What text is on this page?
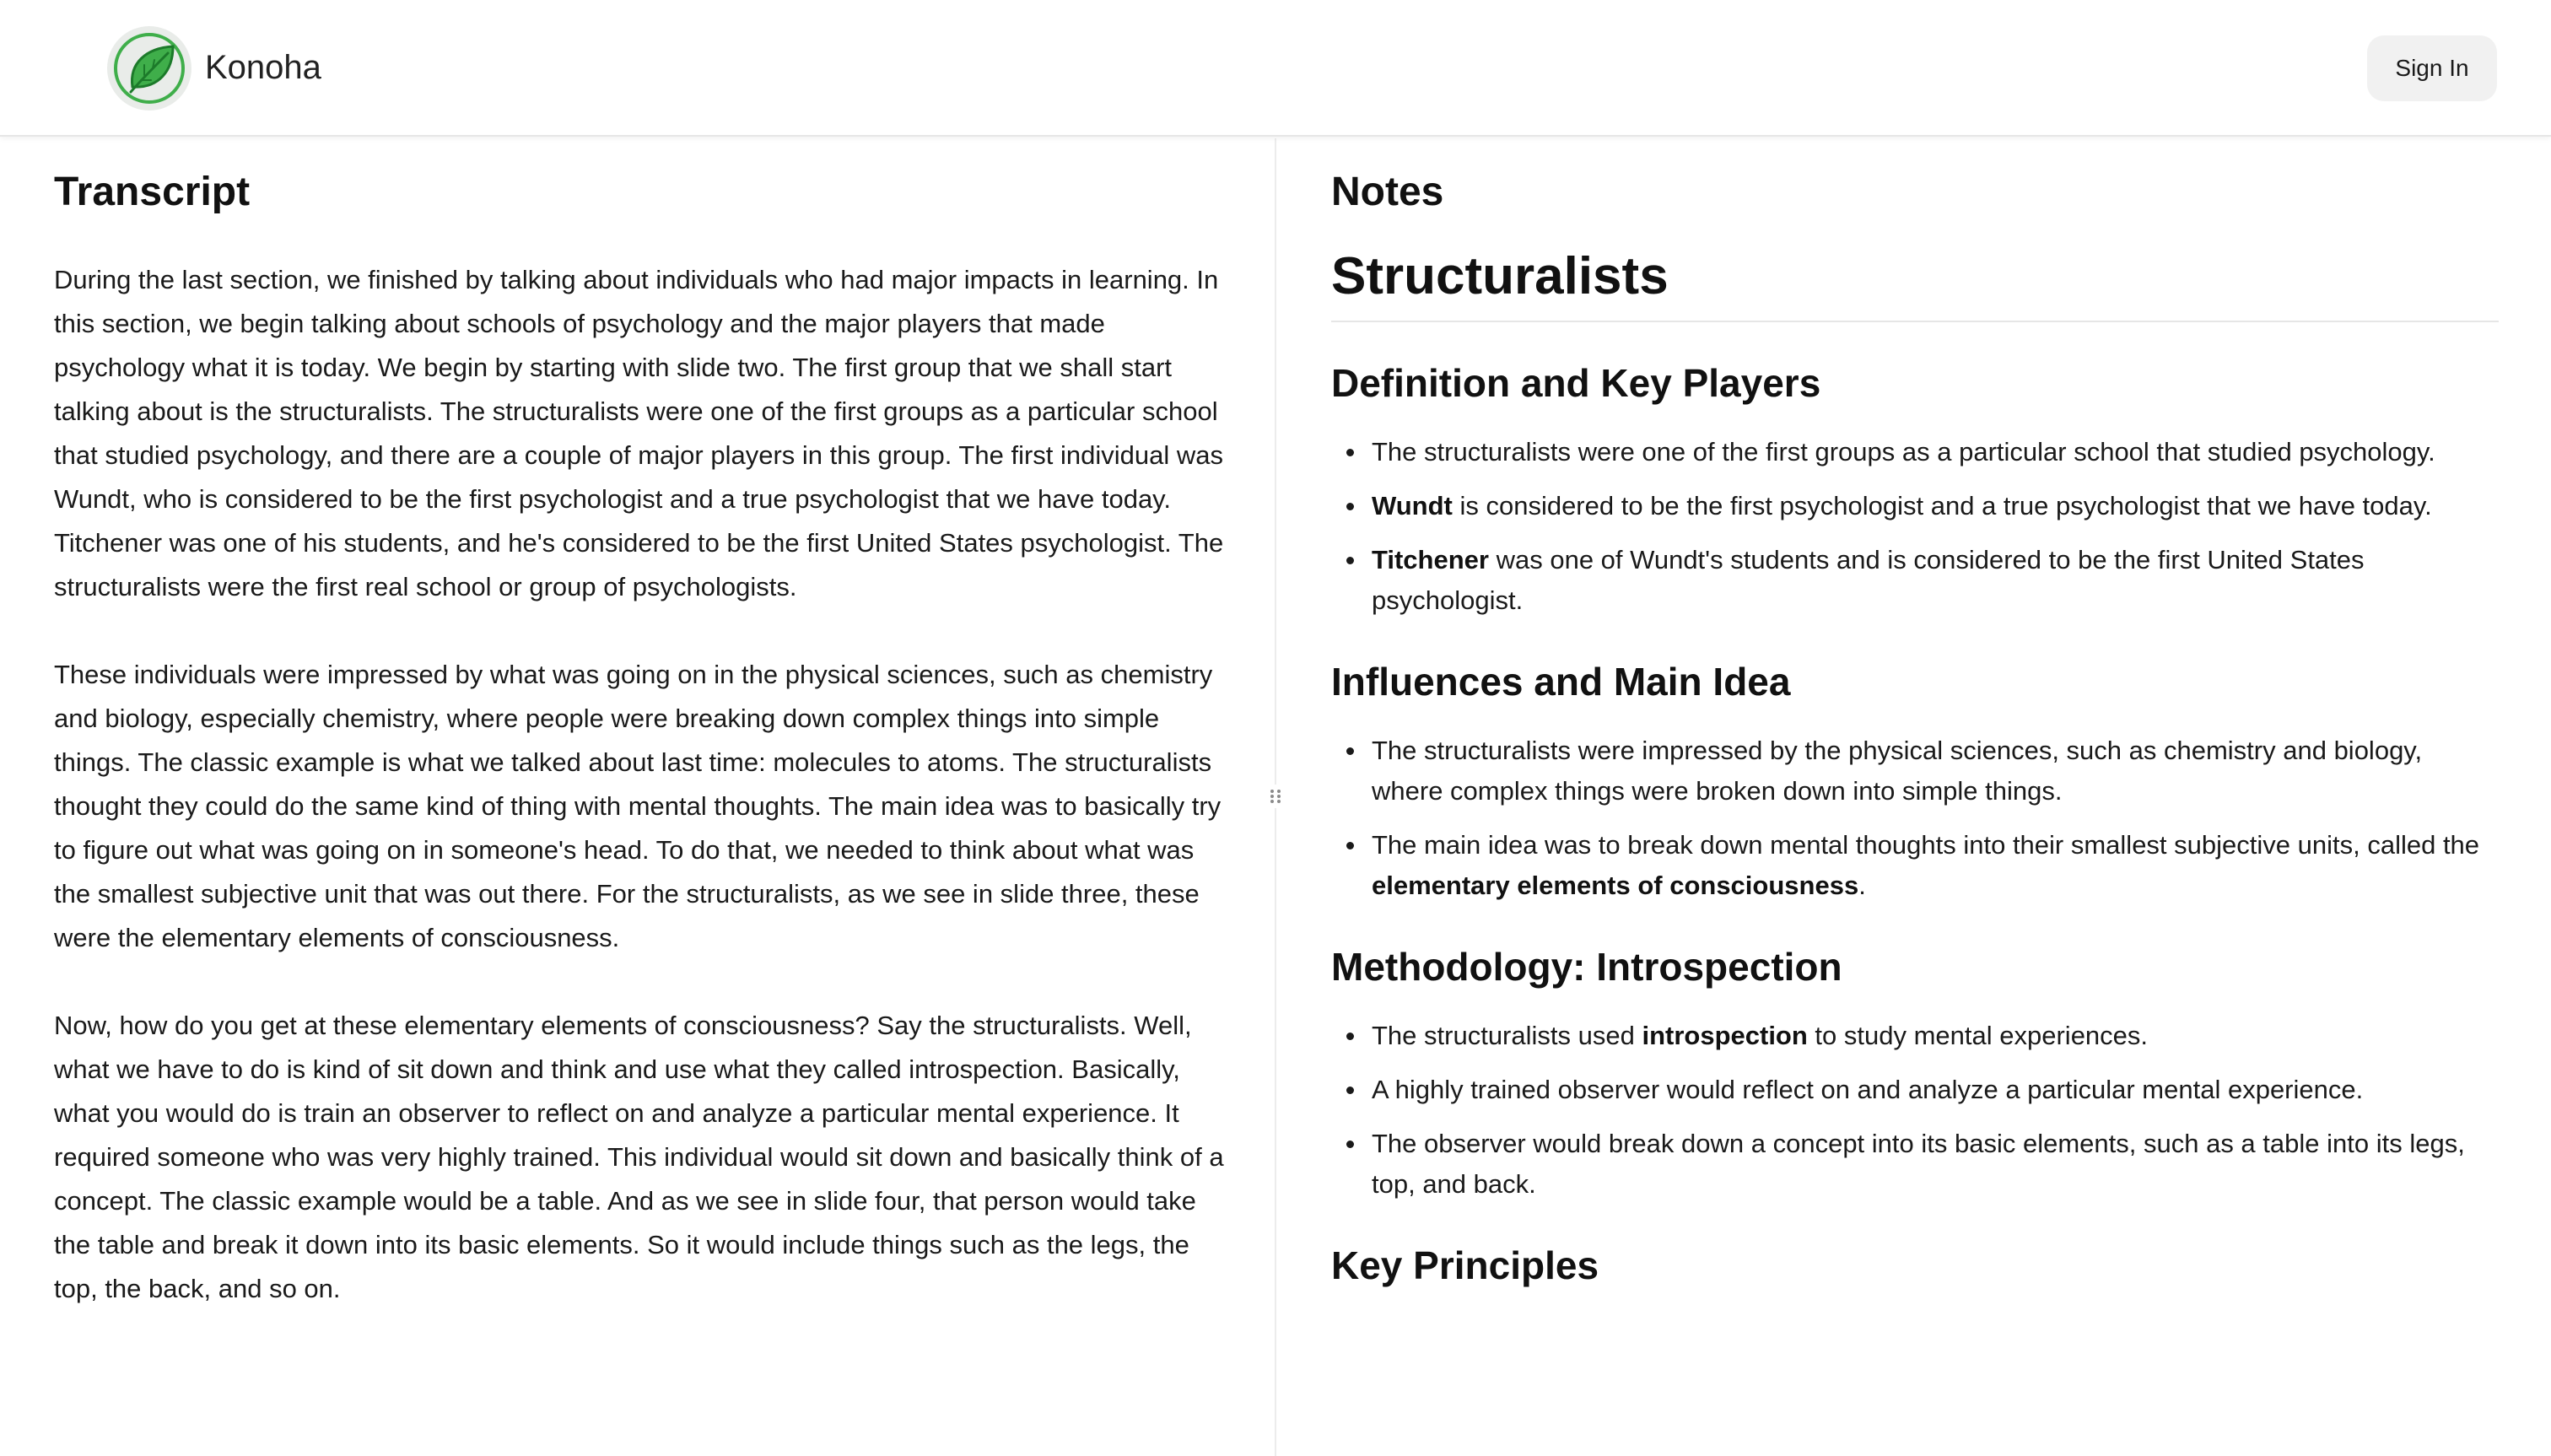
Konoha	Sign In
Transcript

During the last section, we finished by talking about individuals who had major impacts in learning. In this section, we begin talking about schools of psychology and the major players that made psychology what it is today. We begin by starting with slide two. The first group that we shall start talking about is the structuralists. The structuralists were one of the first groups as a particular school that studied psychology, and there are a couple of major players in this group. The first individual was Wundt, who is considered to be the first psychologist and a true psychologist that we have today. Titchener was one of his students, and he's considered to be the first United States psychologist. The structuralists were the first real school or group of psychologists.

These individuals were impressed by what was going on in the physical sciences, such as chemistry and biology, especially chemistry, where people were breaking down complex things into simple things. The classic example is what we talked about last time: molecules to atoms. The structuralists thought they could do the same kind of thing with mental thoughts. The main idea was to basically try to figure out what was going on in someone's head. To do that, we needed to think about what was the smallest subjective unit that was out there. For the structuralists, as we see in slide three, these were the elementary elements of consciousness.

Now, how do you get at these elementary elements of consciousness? Say the structuralists. Well, what we have to do is kind of sit down and think and use what they called introspection. Basically, what you would do is train an observer to reflect on and analyze a particular mental experience. It required someone who was very highly trained. This individual would sit down and basically think of a concept. The classic example would be a table. And as we see in slide four, that person would take the table and break it down into its basic elements. So it would include things such as the legs, the top, the back, and so on.

Notes
Structuralists
Definition and Key Players
The structuralists were one of the first groups as a particular school that studied psychology.
Wundt is considered to be the first psychologist and a true psychologist that we have today.
Titchener was one of Wundt's students and is considered to be the first United States psychologist.
Influences and Main Idea
The structuralists were impressed by the physical sciences, such as chemistry and biology, where complex things were broken down into simple things.
The main idea was to break down mental thoughts into their smallest subjective units, called the elementary elements of consciousness.
Methodology: Introspection
The structuralists used introspection to study mental experiences.
A highly trained observer would reflect on and analyze a particular mental experience.
The observer would break down a concept into its basic elements, such as a table into its legs, top, and back.
Key Principles
